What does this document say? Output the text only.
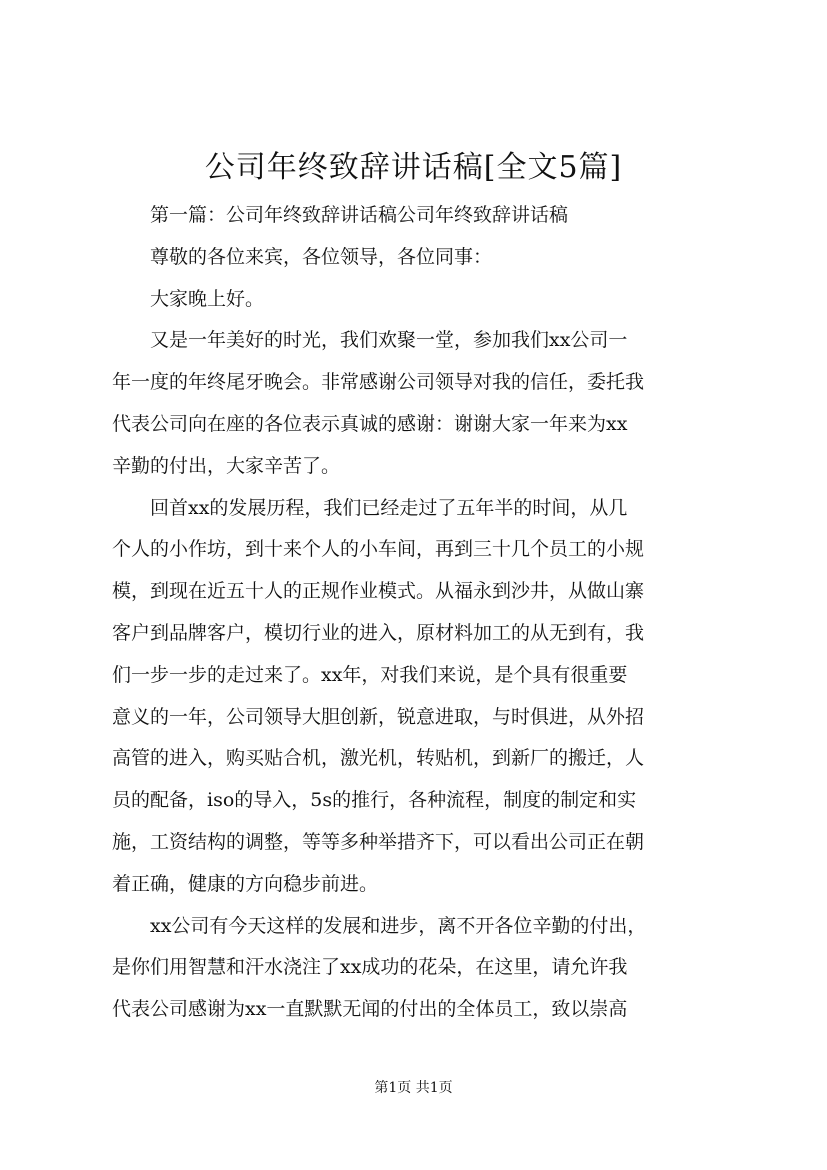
公司年终致辞讲话稿[全文5篇]

　　第一篇：公司年终致辞讲话稿公司年终致辞讲话稿

　　尊敬的各位来宾，各位领导，各位同事：

　　大家晚上好。

　　又是一年美好的时光，我们欢聚一堂，参加我们xx公司一

年一度的年终尾牙晚会。非常感谢公司领导对我的信任，委托我

代表公司向在座的各位表示真诚的感谢：谢谢大家一年来为xx

辛勤的付出，大家辛苦了。

　　回首xx的发展历程，我们已经走过了五年半的时间，从几

个人的小作坊，到十来个人的小车间，再到三十几个员工的小规

模，到现在近五十人的正规作业模式。从福永到沙井，从做山寨

客户到品牌客户，模切行业的进入，原材料加工的从无到有，我

们一步一步的走过来了。xx年，对我们来说，是个具有很重要

意义的一年，公司领导大胆创新，锐意进取，与时俱进，从外招

高管的进入，购买贴合机，激光机，转贴机，到新厂的搬迁，人

员的配备，iso的导入，5s的推行，各种流程，制度的制定和实

施，工资结构的调整，等等多种举措齐下，可以看出公司正在朝

着正确，健康的方向稳步前进。

　　xx公司有今天这样的发展和进步，离不开各位辛勤的付出，

是你们用智慧和汗水浇注了xx成功的花朵，在这里，请允许我

代表公司感谢为xx一直默默无闻的付出的全体员工，致以崇高

第1页 共1页
